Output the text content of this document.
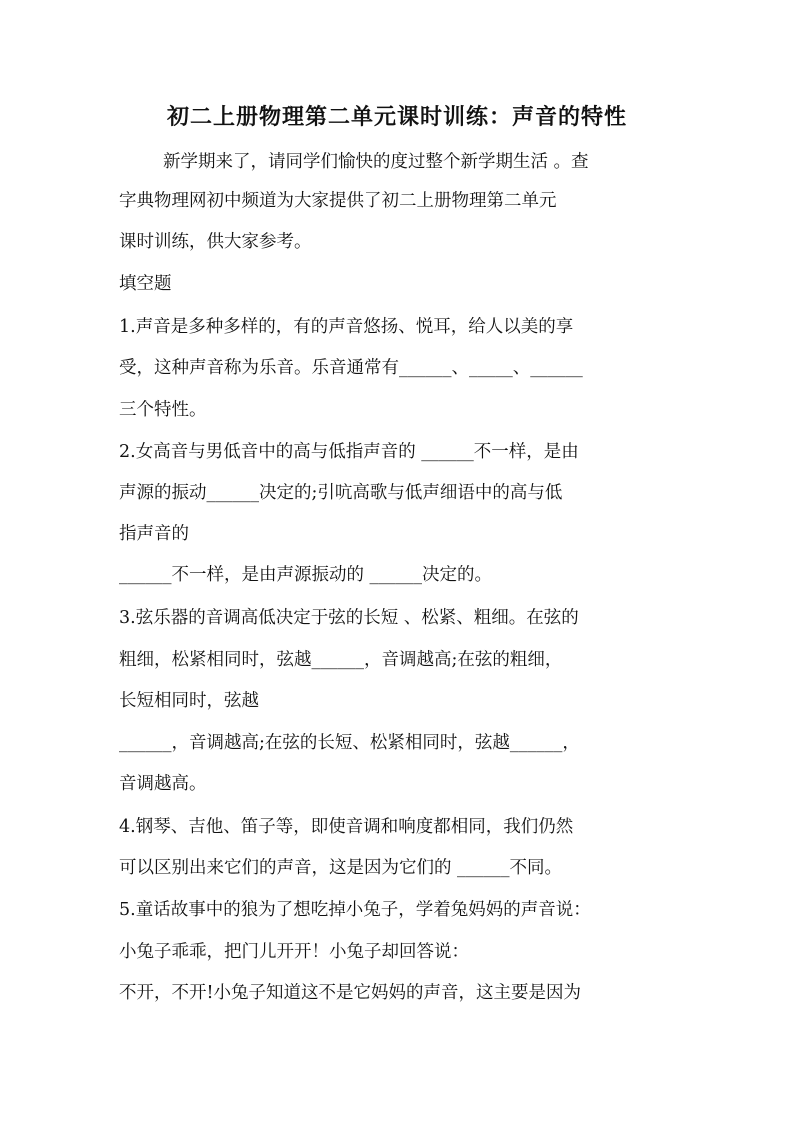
初二上册物理第二单元课时训练：声音的特性
新学期来了，请同学们愉快的度过整个新学期生活 。查
字典物理网初中频道为大家提供了初二上册物理第二单元
课时训练，供大家参考。
填空题
1.声音是多种多样的，有的声音悠扬、悦耳，给人以美的享
受，这种声音称为乐音。乐音通常有______、_____、______
三个特性。
2.女高音与男低音中的高与低指声音的 ______不一样，是由
声源的振动______决定的;引吭高歌与低声细语中的高与低
指声音的
______不一样，是由声源振动的 ______决定的。
3.弦乐器的音调高低决定于弦的长短 、松紧、粗细。在弦的
粗细，松紧相同时，弦越______，音调越高;在弦的粗细，
长短相同时，弦越
______，音调越高;在弦的长短、松紧相同时，弦越______，
音调越高。
4.钢琴、吉他、笛子等，即使音调和响度都相同，我们仍然
可以区别出来它们的声音，这是因为它们的 ______不同。
5.童话故事中的狼为了想吃掉小兔子，学着兔妈妈的声音说：
小兔子乖乖，把门儿开开！小兔子却回答说：
不开，不开!小兔子知道这不是它妈妈的声音，这主要是因为
